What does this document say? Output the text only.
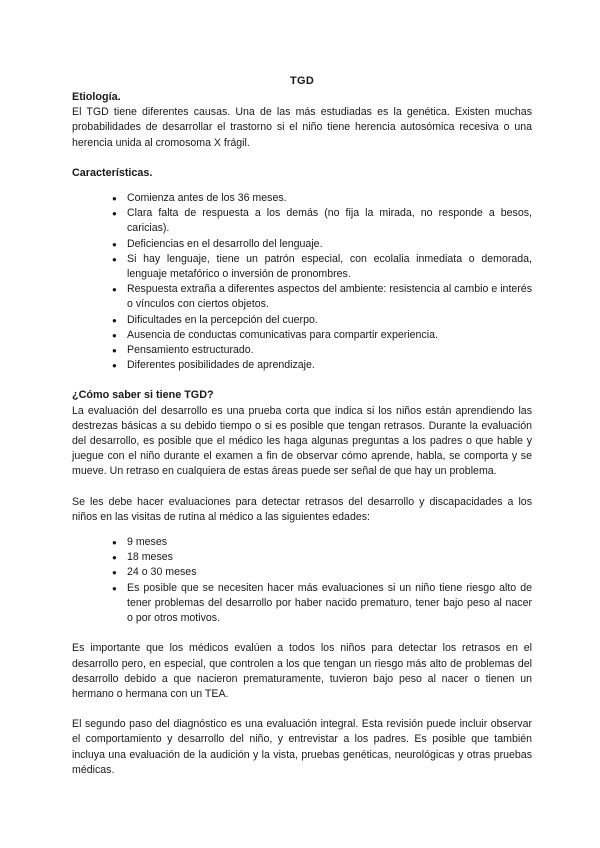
TGD
Etiología.

El TGD tiene diferentes causas. Una de las más estudiadas es la genética. Existen muchas probabilidades de desarrollar el trastorno si el niño tiene herencia autosómica recesiva o una herencia unida al cromosoma X frágil.

Características.
● Comienza antes de los 36 meses.
● Clara falta de respuesta a los demás (no fija la mirada, no responde a besos, caricias).
● Deficiencias en el desarrollo del lenguaje.
● Si hay lenguaje, tiene un patrón especial, con ecolalia inmediata o demorada, lenguaje metafórico o inversión de pronombres.
● Respuesta extraña a diferentes aspectos del ambiente: resistencia al cambio e interés o vínculos con ciertos objetos.
● Dificultades en la percepción del cuerpo.
● Ausencia de conductas comunicativas para compartir experiencia.
● Pensamiento estructurado.
● Diferentes posibilidades de aprendizaje.
¿Cómo saber si tiene TGD?

La evaluación del desarrollo es una prueba corta que indica si los niños están aprendiendo las destrezas básicas a su debido tiempo o si es posible que tengan retrasos. Durante la evaluación del desarrollo, es posible que el médico les haga algunas preguntas a los padres o que hable y juegue con el niño durante el examen a fin de observar cómo aprende, habla, se comporta y se mueve. Un retraso en cualquiera de estas áreas puede ser señal de que hay un problema.

Se les debe hacer evaluaciones para detectar retrasos del desarrollo y discapacidades a los niños en las visitas de rutina al médico a las siguientes edades:

● 9 meses
● 18 meses
● 24 o 30 meses
● Es posible que se necesiten hacer más evaluaciones si un niño tiene riesgo alto de tener problemas del desarrollo por haber nacido prematuro, tener bajo peso al nacer o por otros motivos.

Es importante que los médicos evalúen a todos los niños para detectar los retrasos en el desarrollo pero, en especial, que controlen a los que tengan un riesgo más alto de problemas del desarrollo debido a que nacieron prematuramente, tuvieron bajo peso al nacer o tienen un hermano o hermana con un TEA.

El segundo paso del diagnóstico es una evaluación integral. Esta revisión puede incluir observar el comportamiento y desarrollo del niño, y entrevistar a los padres. Es posible que también incluya una evaluación de la audición y la vista, pruebas genéticas, neurológicas y otras pruebas médicas.
